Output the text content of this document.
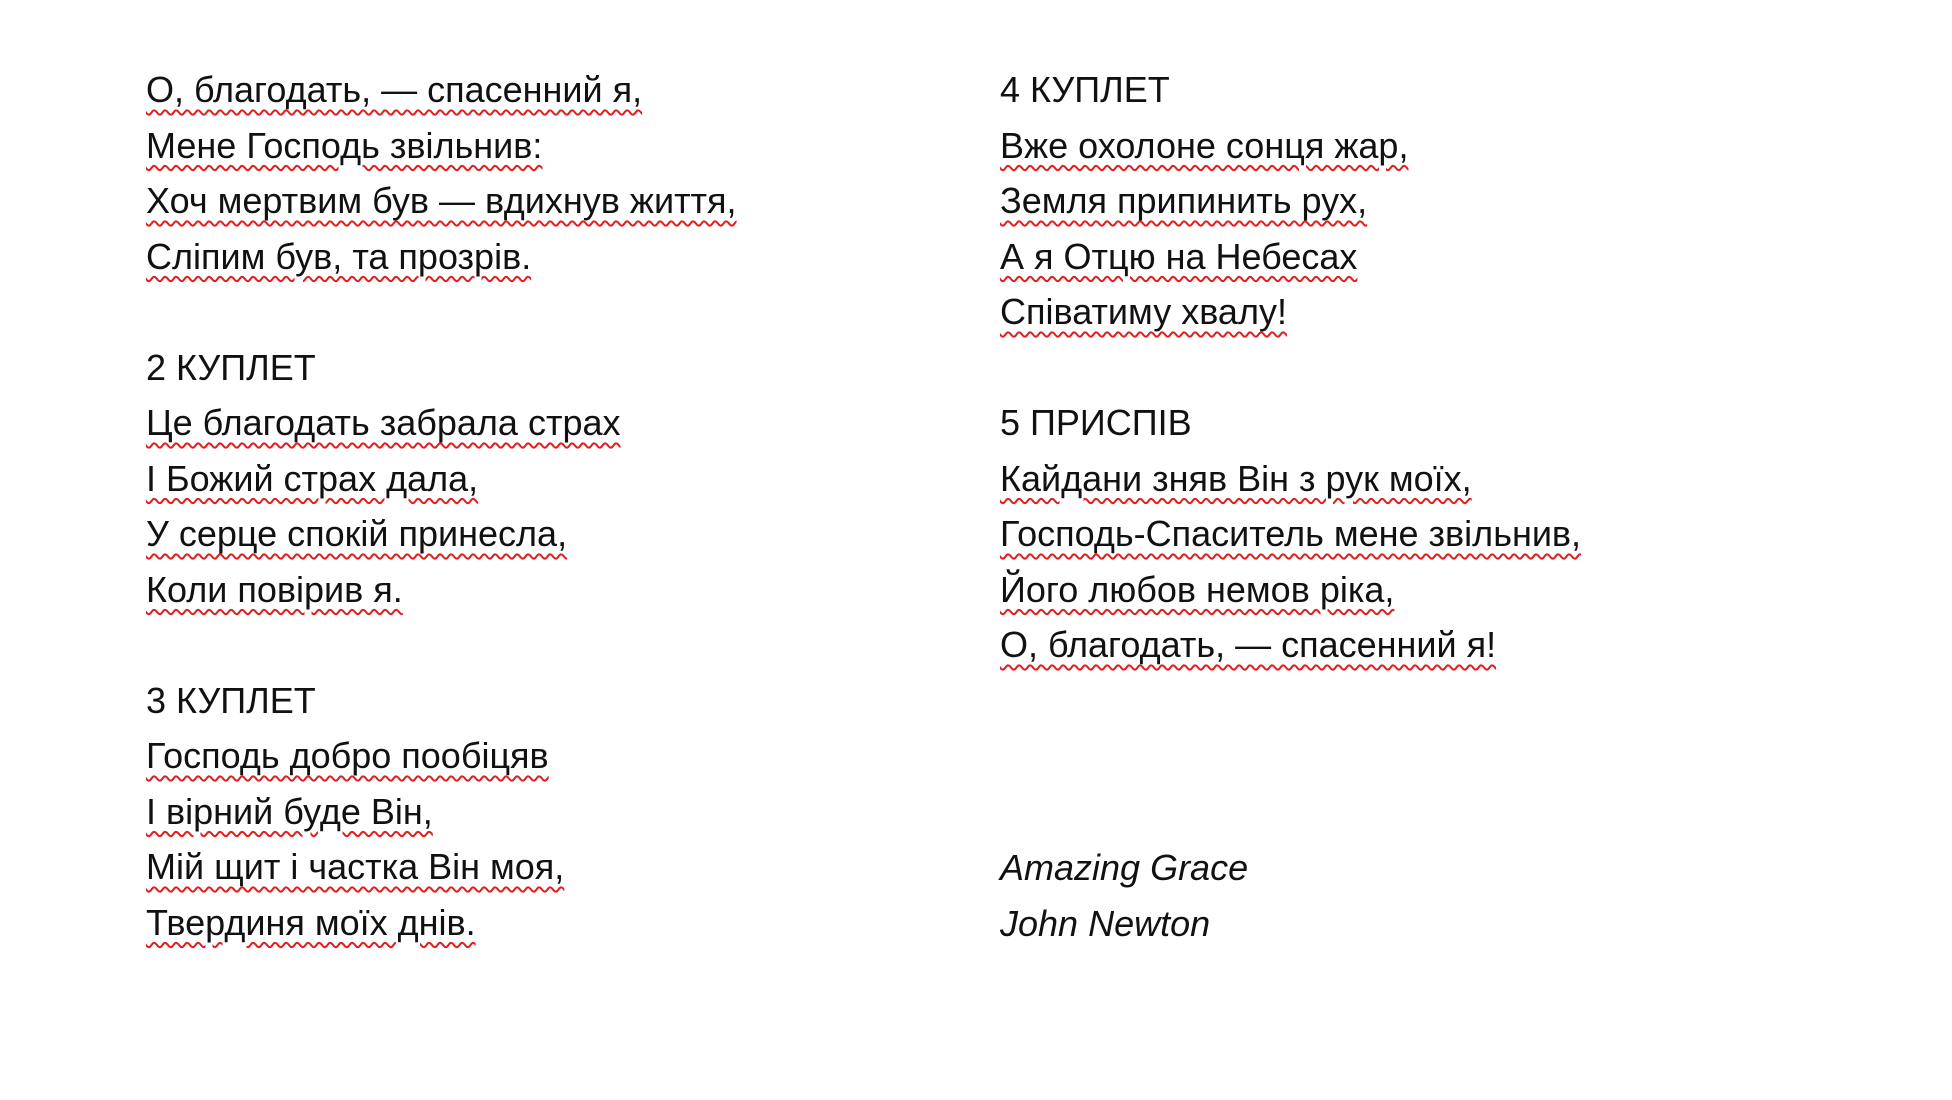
О, благодать, — спасенний я,
Мене Господь звільнив:
Хоч мертвим був — вдихнув життя,
Сліпим був, та прозрів.
2 КУПЛЕТ
Це благодать забрала страх
І Божий страх дала,
У серце спокій принесла,
Коли повірив я.
3 КУПЛЕТ
Господь добро пообіцяв
І вірний буде Він,
Мій щит і частка Він моя,
Твердиня моїх днів.
4 КУПЛЕТ
Вже охолоне сонця жар,
Земля припинить рух,
А я Отцю на Небесах
Співатиму хвалу!
5 ПРИСПІВ
Кайдани зняв Він з рук моїх,
Господь-Спаситель мене звільнив,
Його любов немов ріка,
О, благодать, — спасенний я!
Amazing Grace
John Newton
